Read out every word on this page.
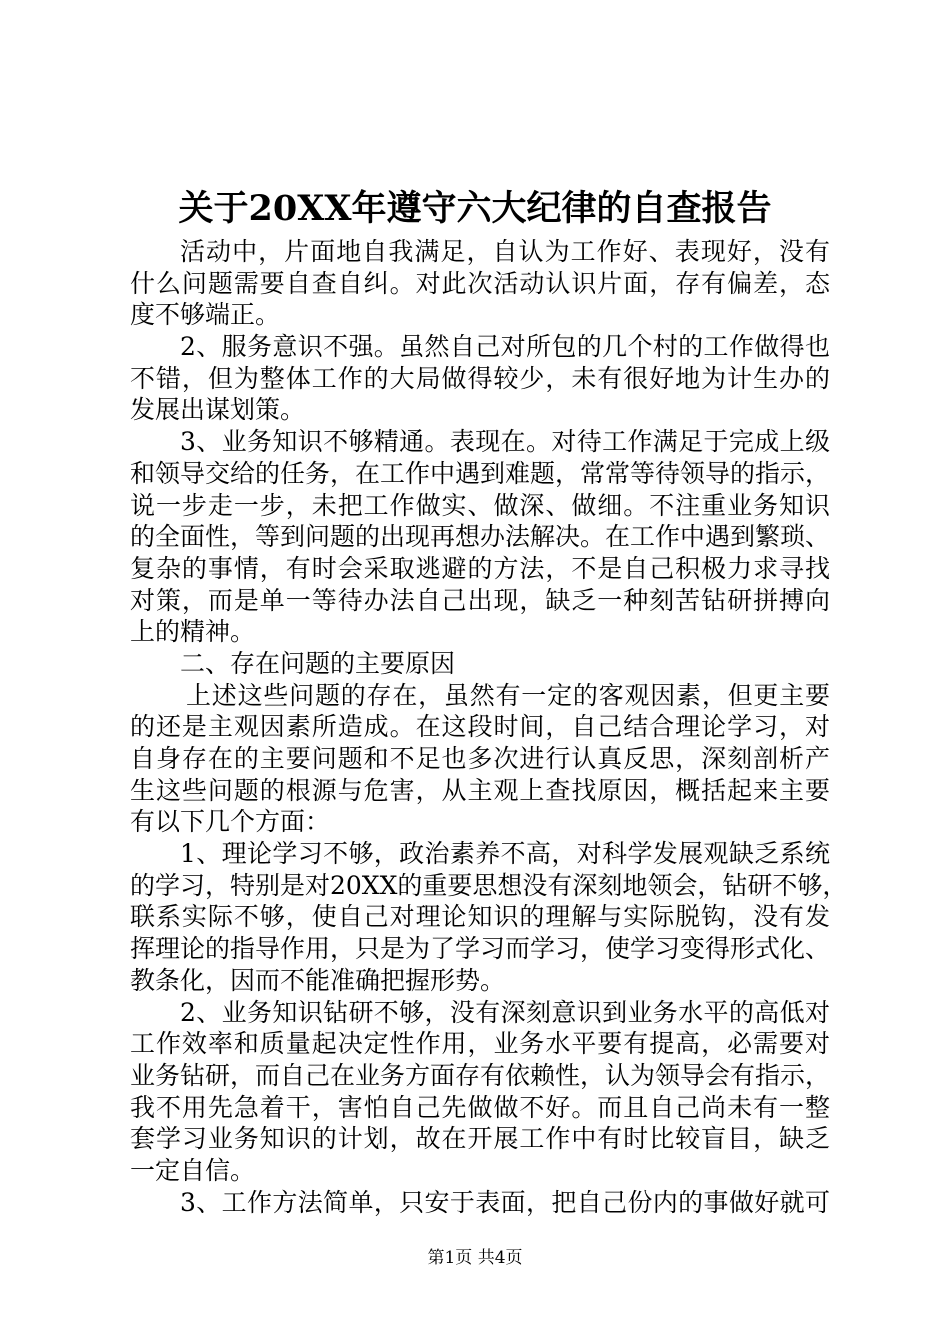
关于20XX年遵守六大纪律的自查报告
活动中，片面地自我满足，自认为工作好、表现好，没有
什么问题需要自查自纠。对此次活动认识片面，存有偏差，态
度不够端正。
2、服务意识不强。虽然自己对所包的几个村的工作做得也
不错，但为整体工作的大局做得较少，未有很好地为计生办的
发展出谋划策。
3、业务知识不够精通。表现在。对待工作满足于完成上级
和领导交给的任务，在工作中遇到难题，常常等待领导的指示，
说一步走一步，未把工作做实、做深、做细。不注重业务知识
的全面性，等到问题的出现再想办法解决。在工作中遇到繁琐、
复杂的事情，有时会采取逃避的方法，不是自己积极力求寻找
对策，而是单一等待办法自己出现，缺乏一种刻苦钻研拼搏向
上的精神。
二、存在问题的主要原因
上述这些问题的存在，虽然有一定的客观因素，但更主要
的还是主观因素所造成。在这段时间，自己结合理论学习，对
自身存在的主要问题和不足也多次进行认真反思，深刻剖析产
生这些问题的根源与危害，从主观上查找原因，概括起来主要
有以下几个方面：
1、理论学习不够，政治素养不高，对科学发展观缺乏系统
的学习，特别是对20XX的重要思想没有深刻地领会，钻研不够，
联系实际不够，使自己对理论知识的理解与实际脱钩，没有发
挥理论的指导作用，只是为了学习而学习，使学习变得形式化、
教条化，因而不能准确把握形势。
2、业务知识钻研不够，没有深刻意识到业务水平的高低对
工作效率和质量起决定性作用，业务水平要有提高，必需要对
业务钻研，而自己在业务方面存有依赖性，认为领导会有指示，
我不用先急着干，害怕自己先做做不好。而且自己尚未有一整
套学习业务知识的计划，故在开展工作中有时比较盲目，缺乏
一定自信。
3、工作方法简单，只安于表面，把自己份内的事做好就可
第1页 共4页
